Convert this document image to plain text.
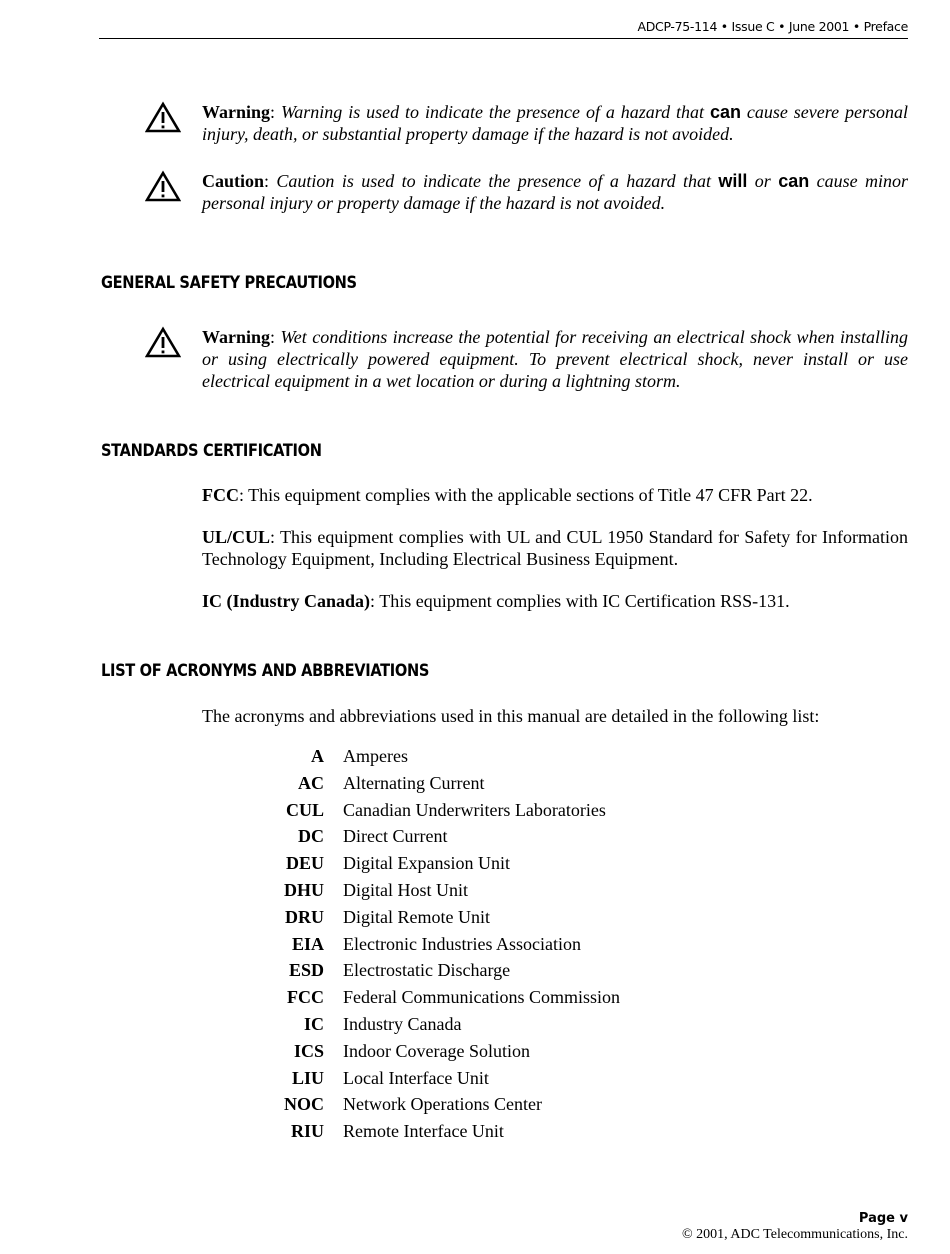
ADCP-75-114 • Issue C • June 2001 • Preface

Warning: Warning is used to indicate the presence of a hazard that can cause severe personal injury, death, or substantial property damage if the hazard is not avoided.

Caution: Caution is used to indicate the presence of a hazard that will or can cause minor personal injury or property damage if the hazard is not avoided.

GENERAL SAFETY PRECAUTIONS

Warning: Wet conditions increase the potential for receiving an electrical shock when installing or using electrically powered equipment. To prevent electrical shock, never install or use electrical equipment in a wet location or during a lightning storm.

STANDARDS CERTIFICATION

FCC: This equipment complies with the applicable sections of Title 47 CFR Part 22.

UL/CUL: This equipment complies with UL and CUL 1950 Standard for Safety for Information Technology Equipment, Including Electrical Business Equipment.

IC (Industry Canada): This equipment complies with IC Certification RSS-131.

LIST OF ACRONYMS AND ABBREVIATIONS

The acronyms and abbreviations used in this manual are detailed in the following list:

A Amperes
AC Alternating Current
CUL Canadian Underwriters Laboratories
DC Direct Current
DEU Digital Expansion Unit
DHU Digital Host Unit
DRU Digital Remote Unit
EIA Electronic Industries Association
ESD Electrostatic Discharge
FCC Federal Communications Commission
IC Industry Canada
ICS Indoor Coverage Solution
LIU Local Interface Unit
NOC Network Operations Center
RIU Remote Interface Unit
Page v
© 2001, ADC Telecommunications, Inc.
